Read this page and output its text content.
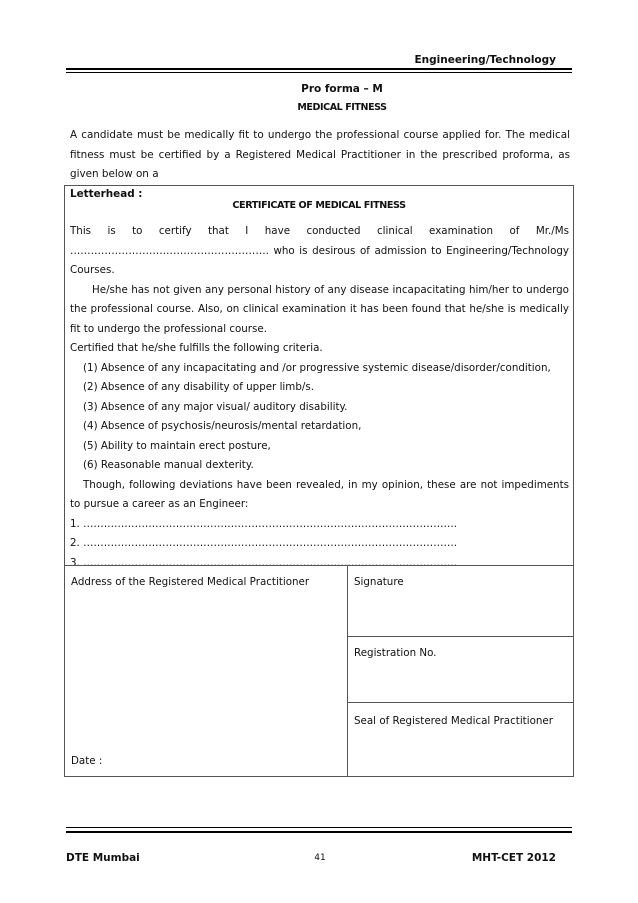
Engineering/Technology
Pro forma – M
MEDICAL FITNESS
A candidate must be medically fit to undergo the professional course applied for. The medical fitness must be certified by a Registered Medical Practitioner in the prescribed proforma, as given below on a
Letterhead :
CERTIFICATE OF MEDICAL FITNESS

This is to certify that I have conducted clinical examination of Mr./Ms

…………………………………………………. who is desirous of admission to Engineering/Technology

Courses.

He/she has not given any personal history of any disease incapacitating him/her to undergo the professional course. Also, on clinical examination it has been found that he/she is medically fit to undergo the professional course.

Certified that he/she fulfills the following criteria.

(1) Absence of any incapacitating and /or progressive systemic disease/disorder/condition,

(2) Absence of any disability of upper limb/s.

(3) Absence of any major visual/ auditory disability.

(4) Absence of psychosis/neurosis/mental retardation,

(5) Ability to maintain erect posture,

(6) Reasonable manual dexterity.

Though, following deviations have been revealed, in my opinion, these are not impediments to pursue a career as an Engineer:

1. ……………………………………………………………………………………………….

2. ……………………………………………………………………………………………….

3. ……………………………………………………………………………………………….

Address of the Registered Medical Practitioner	Signature
Registration No.
Seal of Registered Medical Practitioner
Date :
DTE Mumbai	41	MHT-CET 2012
